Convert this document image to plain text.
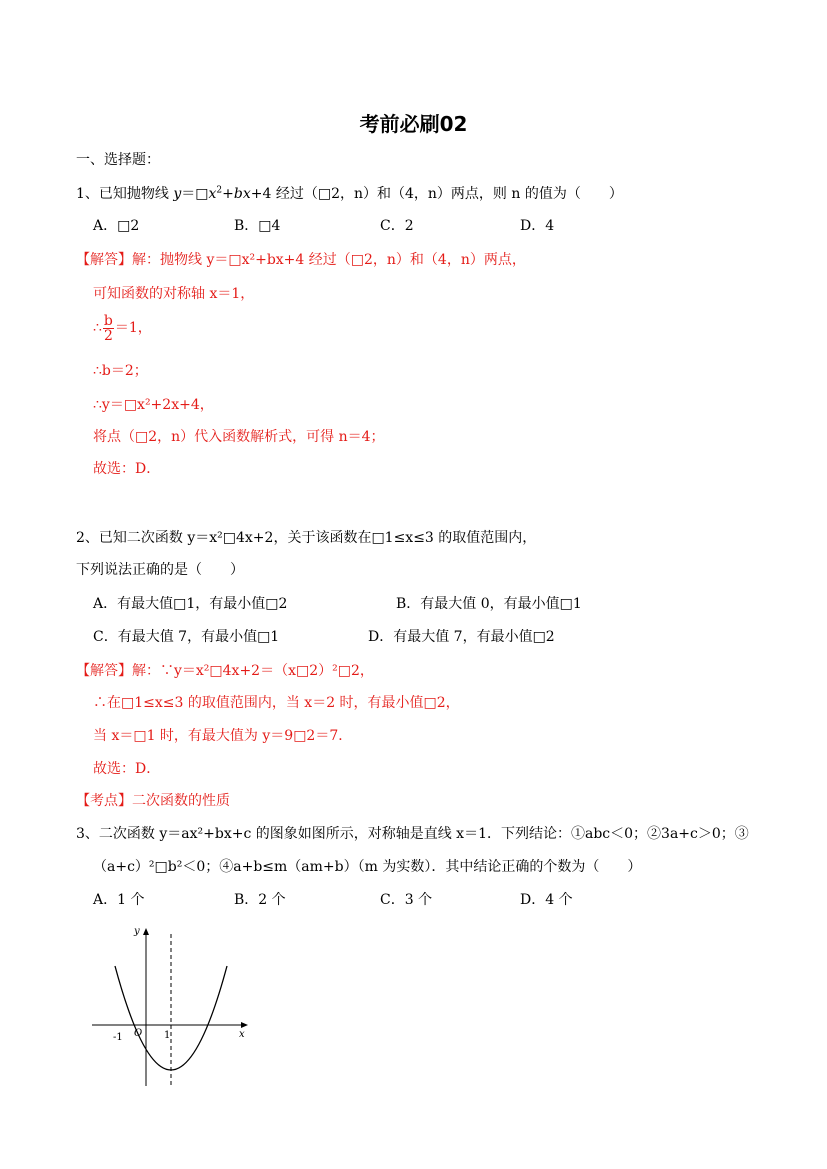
考前必刷02
一、选择题：
1、已知抛物线 $y=□x^2+bx+4$ 经过（□2，n）和（4，n）两点，则 n 的值为（　　）
A．□2	B．□4	C．2	D．4
【解答】解：抛物线 y＝□x²+bx+4 经过（□2，n）和（4，n）两点，
可知函数的对称轴 x＝1，
∴ $\frac{b}{2} =1$，
∴b＝2；
∴y＝□x²+2x+4，
将点（□2，n）代入函数解析式，可得 n＝4；
故选：D．
2、已知二次函数 y＝x²□4x+2，关于该函数在□1≤x≤3 的取值范围内，
下列说法正确的是（　　）
A．有最大值□1，有最小值□2	B．有最大值 0，有最小值□1
C．有最大值 7，有最小值□1	D．有最大值 7，有最小值□2
【解答】解：∵y＝x²□4x+2＝（x□2）²□2，
∴在□1≤x≤3 的取值范围内，当 x＝2 时，有最小值□2，
当 x＝□1 时，有最大值为 y＝9□2＝7．
故选：D．
【考点】二次函数的性质
3、二次函数 y＝ax²+bx+c 的图象如图所示，对称轴是直线 x＝1．下列结论：①abc＜0；②3a+c＞0；③
（a+c）²□b²＜0；④a+b≤m（am+b）（m 为实数）．其中结论正确的个数为（　　）
A．1 个	B．2 个	C．3 个	D．4 个
y
x
O
-1	1
